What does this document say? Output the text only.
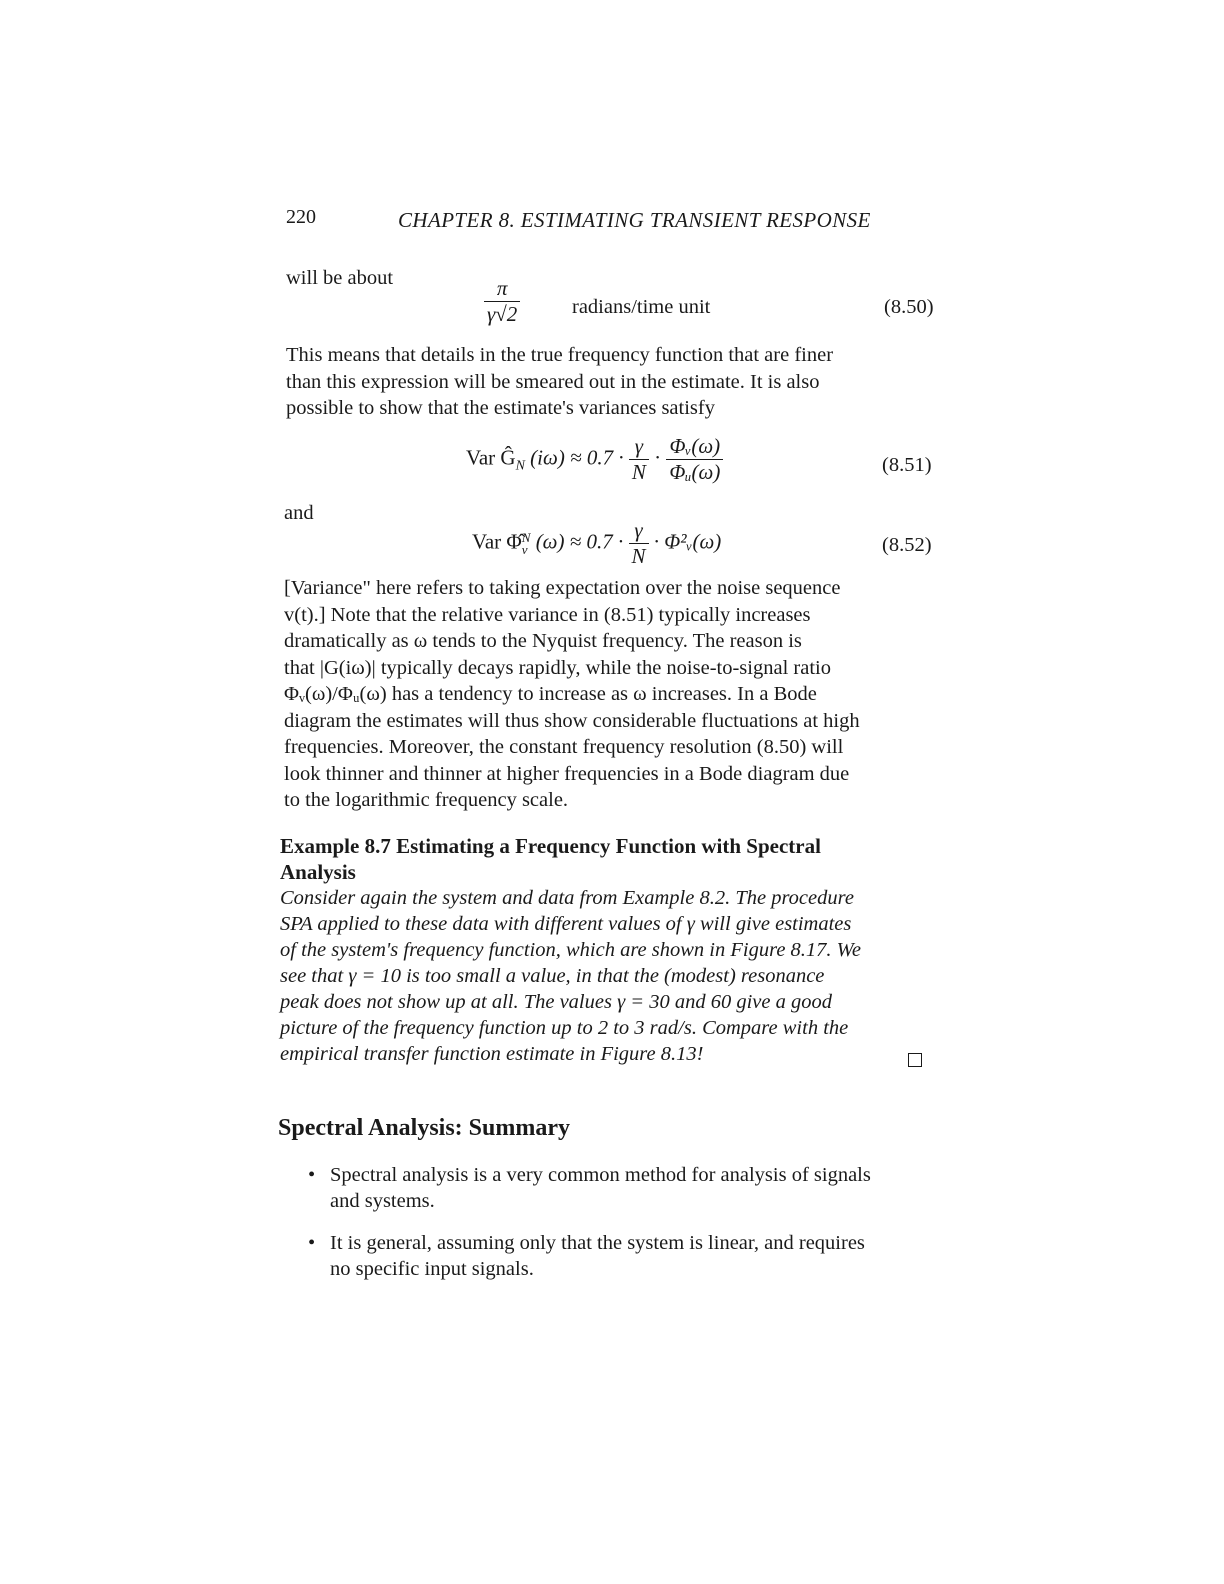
220	CHAPTER 8. ESTIMATING TRANSIENT RESPONSE
will be about	$\frac{\pi}{\gamma√2}$	radians/time unit	(8.50)
This means that details in the true frequency function that are finer
than this expression will be smeared out in the estimate. It is also
possible to show that the estimate's variances satisfy
Var $Ĝ_N$ $(i\omega) \approx 0.7 \cdot \frac{\gamma}{N} \cdot \frac{\text{Φᵥ(ω)}}{\text{Φᵤ(ω)}}$	(8.51)
and
Var Φ̂ N
v $(\omega) \approx 0.7 \cdot \frac{\gamma}{N}$ · Φ²ᵥ(ω)	(8.52)
[Variance" here refers to taking expectation over the noise sequence
v(t).] Note that the relative variance in (8.51) typically increases
dramatically as ω tends to the Nyquist frequency. The reason is
that |G(iω)| typically decays rapidly, while the noise-to-signal ratio
Φᵥ(ω)/Φᵤ(ω) has a tendency to increase as ω increases. In a Bode
diagram the estimates will thus show considerable fluctuations at high
frequencies. Moreover, the constant frequency resolution (8.50) will
look thinner and thinner at higher frequencies in a Bode diagram due
to the logarithmic frequency scale.
Example 8.7 Estimating a Frequency Function with Spectral
Analysis
Consider again the system and data from Example 8.2. The procedure
SPA applied to these data with different values of γ will give estimates
of the system's frequency function, which are shown in Figure 8.17. We
see that γ = 10 is too small a value, in that the (modest) resonance
peak does not show up at all. The values γ = 30 and 60 give a good
picture of the frequency function up to 2 to 3 rad/s. Compare with the
empirical transfer function estimate in Figure 8.13!
Spectral Analysis: Summary
• Spectral analysis is a very common method for analysis of signals
and systems.
• It is general, assuming only that the system is linear, and requires
no specific input signals.
